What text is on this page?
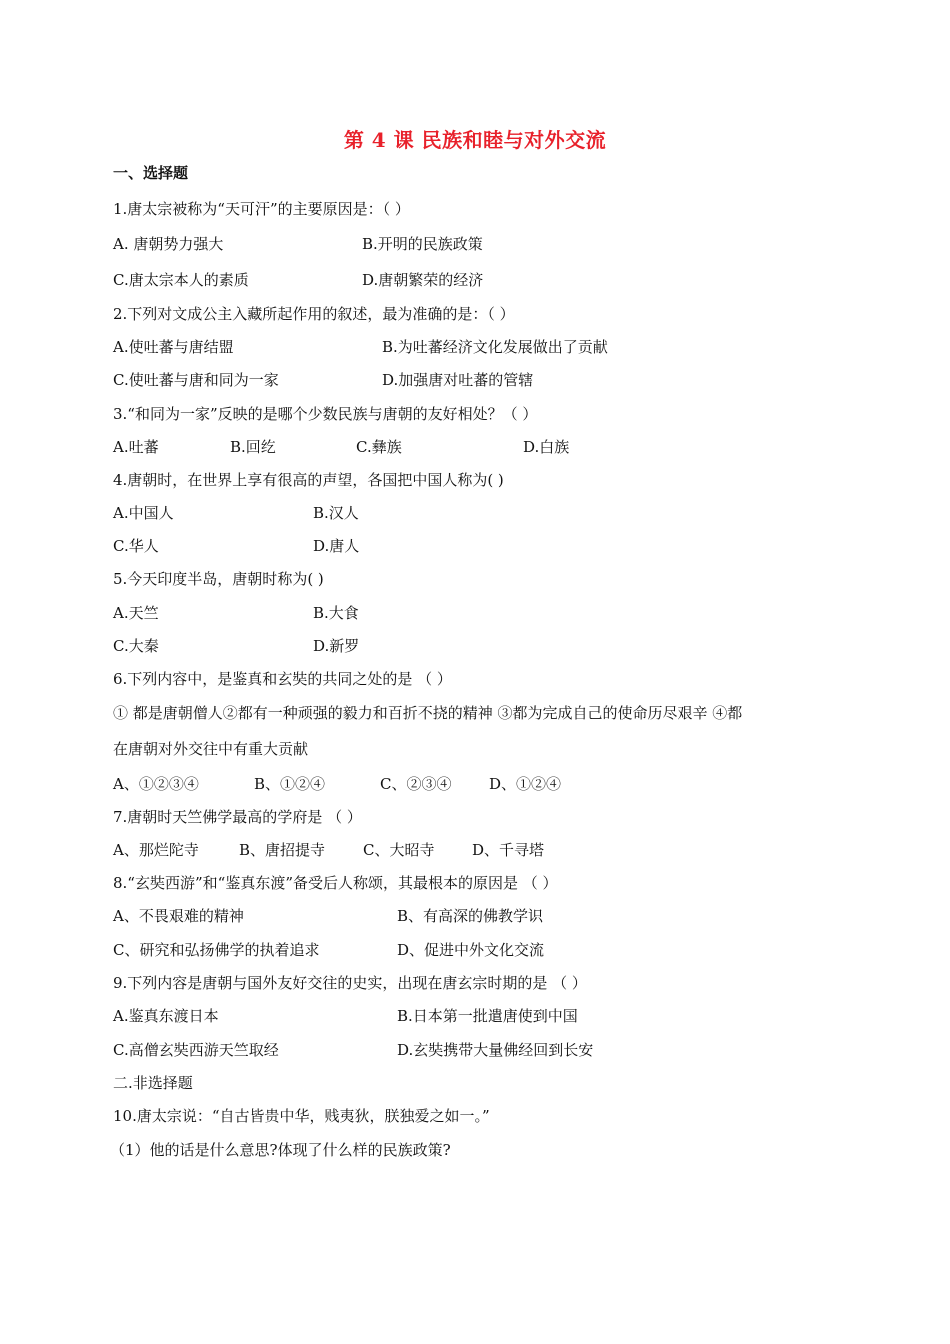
第 4 课 民族和睦与对外交流
一、选择题
1.唐太宗被称为“天可汗”的主要原因是：（ ）
A. 唐朝势力强大	B.开明的民族政策
C.唐太宗本人的素质	D.唐朝繁荣的经济
2.下列对文成公主入藏所起作用的叙述，最为准确的是：（ ）
A.使吐蕃与唐结盟	B.为吐蕃经济文化发展做出了贡献
C.使吐蕃与唐和同为一家	D.加强唐对吐蕃的管辖
3.“和同为一家”反映的是哪个少数民族与唐朝的友好相处？（ ）
A.吐蕃	B.回纥	C.彝族	D.白族
4.唐朝时，在世界上享有很高的声望，各国把中国人称为( )
A.中国人	B.汉人
C.华人	D.唐人
5.今天印度半岛，唐朝时称为( )
A.天竺	B.大食
C.大秦	D.新罗
6.下列内容中，是鉴真和玄奘的共同之处的是 （ ）
① 都是唐朝僧人②都有一种顽强的毅力和百折不挠的精神 ③都为完成自己的使命历尽艰辛 ④都
在唐朝对外交往中有重大贡献
A、①②③④	B、①②④	C、②③④	D、①②④
7.唐朝时天竺佛学最高的学府是 （ ）
A、那烂陀寺	B、唐招提寺	C、大昭寺	D、千寻塔
8.“玄奘西游”和“鉴真东渡”备受后人称颂，其最根本的原因是 （ ）
A、不畏艰难的精神	B、有高深的佛教学识
C、研究和弘扬佛学的执着追求	D、促进中外文化交流
9.下列内容是唐朝与国外友好交往的史实，出现在唐玄宗时期的是 （ ）
A.鉴真东渡日本	B.日本第一批遣唐使到中国
C.高僧玄奘西游天竺取经	D.玄奘携带大量佛经回到长安
二.非选择题
10.唐太宗说：“自古皆贵中华，贱夷狄，朕独爱之如一。”
（1）他的话是什么意思?体现了什么样的民族政策?
